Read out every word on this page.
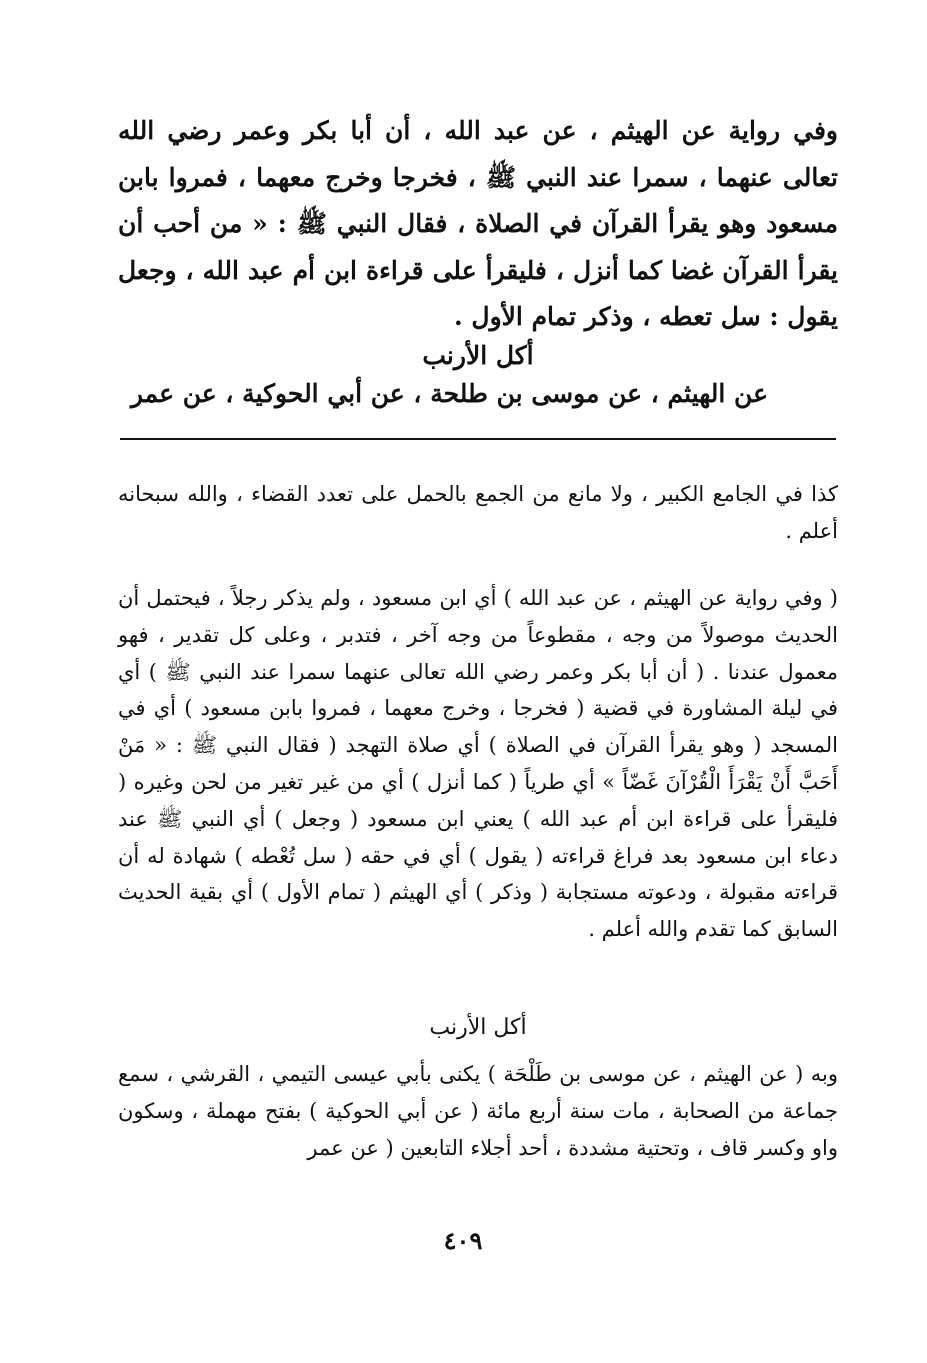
وفي رواية عن الهيثم ، عن عبد الله ، أن أبا بكر وعمر رضي الله تعالى عنهما ، سمرا عند النبي ﷺ ، فخرجا وخرج معهما ، فمروا بابن مسعود وهو يقرأ القرآن في الصلاة ، فقال النبي ﷺ : « من أحب أن يقرأ القرآن غضا كما أنزل ، فليقرأ على قراءة ابن أم عبد الله ، وجعل يقول : سل تعطه ، وذكر تمام الأول .

أكل الأرنب

عن الهيثم ، عن موسى بن طلحة ، عن أبي الحوكية ، عن عمر

كذا في الجامع الكبير ، ولا مانع من الجمع بالحمل على تعدد القضاء ، والله سبحانه أعلم .

( وفي رواية عن الهيثم ، عن عبد الله ) أي ابن مسعود ، ولم يذكر رجلاً ، فيحتمل أن الحديث موصولاً من وجه ، مقطوعاً من وجه آخر ، فتدبر ، وعلى كل تقدير ، فهو معمول عندنا . ( أن أبا بكر وعمر رضي الله تعالى عنهما سمرا عند النبي ﷺ ) أي في ليلة المشاورة في قضية ( فخرجا ، وخرج معهما ، فمروا بابن مسعود ) أي في المسجد ( وهو يقرأ القرآن في الصلاة ) أي صلاة التهجد ( فقال النبي ﷺ : « مَنْ أَحَبَّ أَنْ يَقْرَأَ الْقُرْآنَ غَضّاً » أي طرياً ( كما أنزل ) أي من غير تغير من لحن وغيره ( فليقرأ على قراءة ابن أم عبد الله ) يعني ابن مسعود ( وجعل ) أي النبي ﷺ عند دعاء ابن مسعود بعد فراغ قراءته ( يقول ) أي في حقه ( سل تُعْطه ) شهادة له أن قراءته مقبولة ، ودعوته مستجابة ( وذكر ) أي الهيثم ( تمام الأول ) أي بقية الحديث السابق كما تقدم والله أعلم .

أكل الأرنب

وبه ( عن الهيثم ، عن موسى بن طَلْحَة ) يكنى بأبي عيسى التيمي ، القرشي ، سمع جماعة من الصحابة ، مات سنة أربع مائة ( عن أبي الحوكية ) بفتح مهملة ، وسكون واو وكسر قاف ، وتحتية مشددة ، أحد أجلاء التابعين ( عن عمر

٤٠٩
